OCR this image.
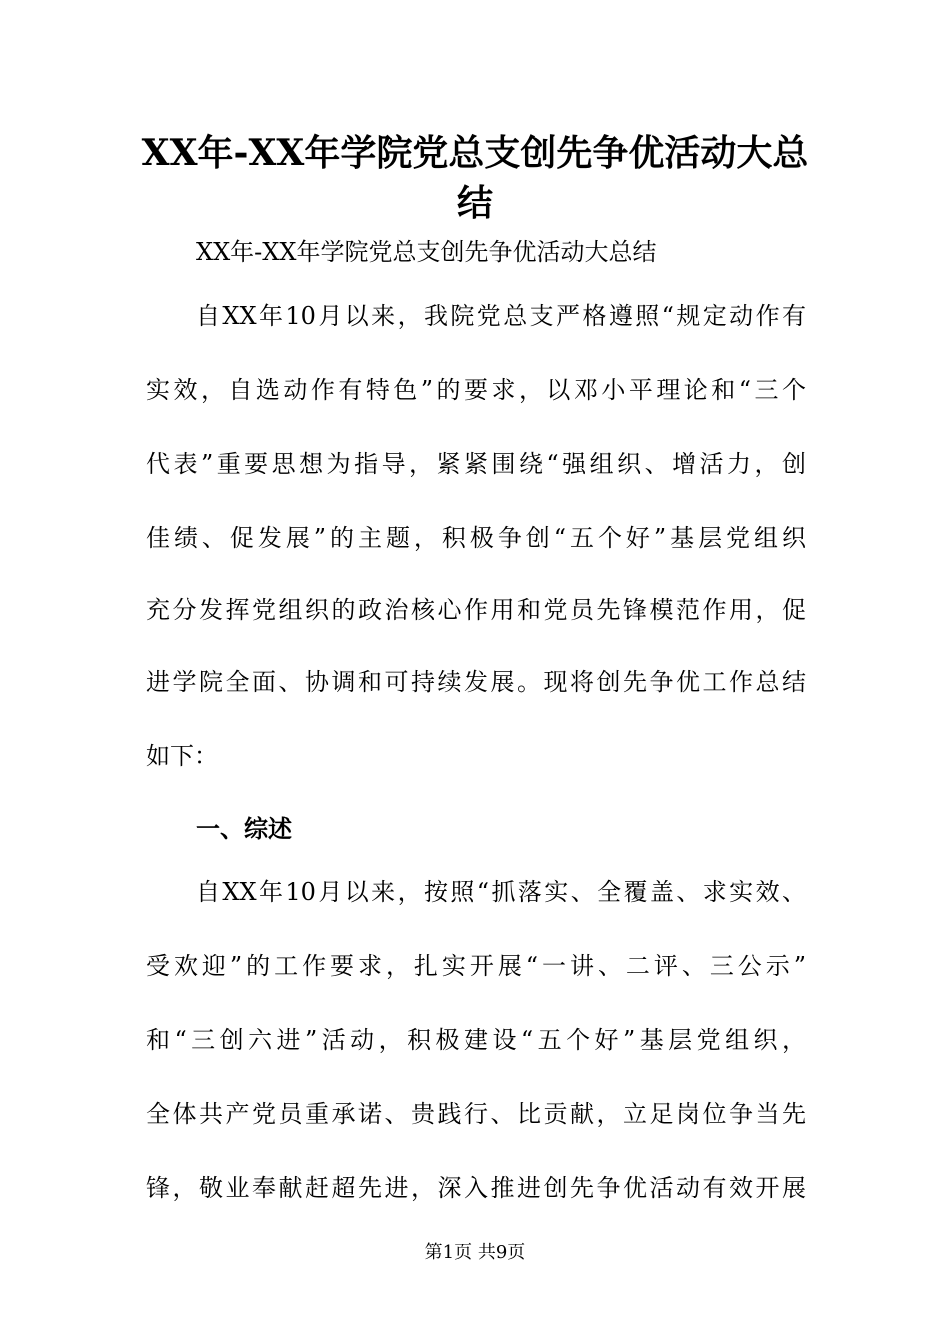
XX年-XX年学院党总支创先争优活动大总
结
XX年-XX年学院党总支创先争优活动大总结
自XX年10月以来，我院党总支严格遵照“规定动作有
实效，自选动作有特色”的要求，以邓小平理论和“三个
代表”重要思想为指导，紧紧围绕“强组织、增活力，创
佳绩、促发展”的主题，积极争创“五个好”基层党组织
充分发挥党组织的政治核心作用和党员先锋模范作用，促
进学院全面、协调和可持续发展。现将创先争优工作总结
如下：
一、综述
自XX年10月以来，按照“抓落实、全覆盖、求实效、
受欢迎”的工作要求，扎实开展“一讲、二评、三公示”
和“三创六进”活动，积极建设“五个好”基层党组织，
全体共产党员重承诺、贵践行、比贡献，立足岗位争当先
锋，敬业奉献赶超先进，深入推进创先争优活动有效开展
第1页 共9页
